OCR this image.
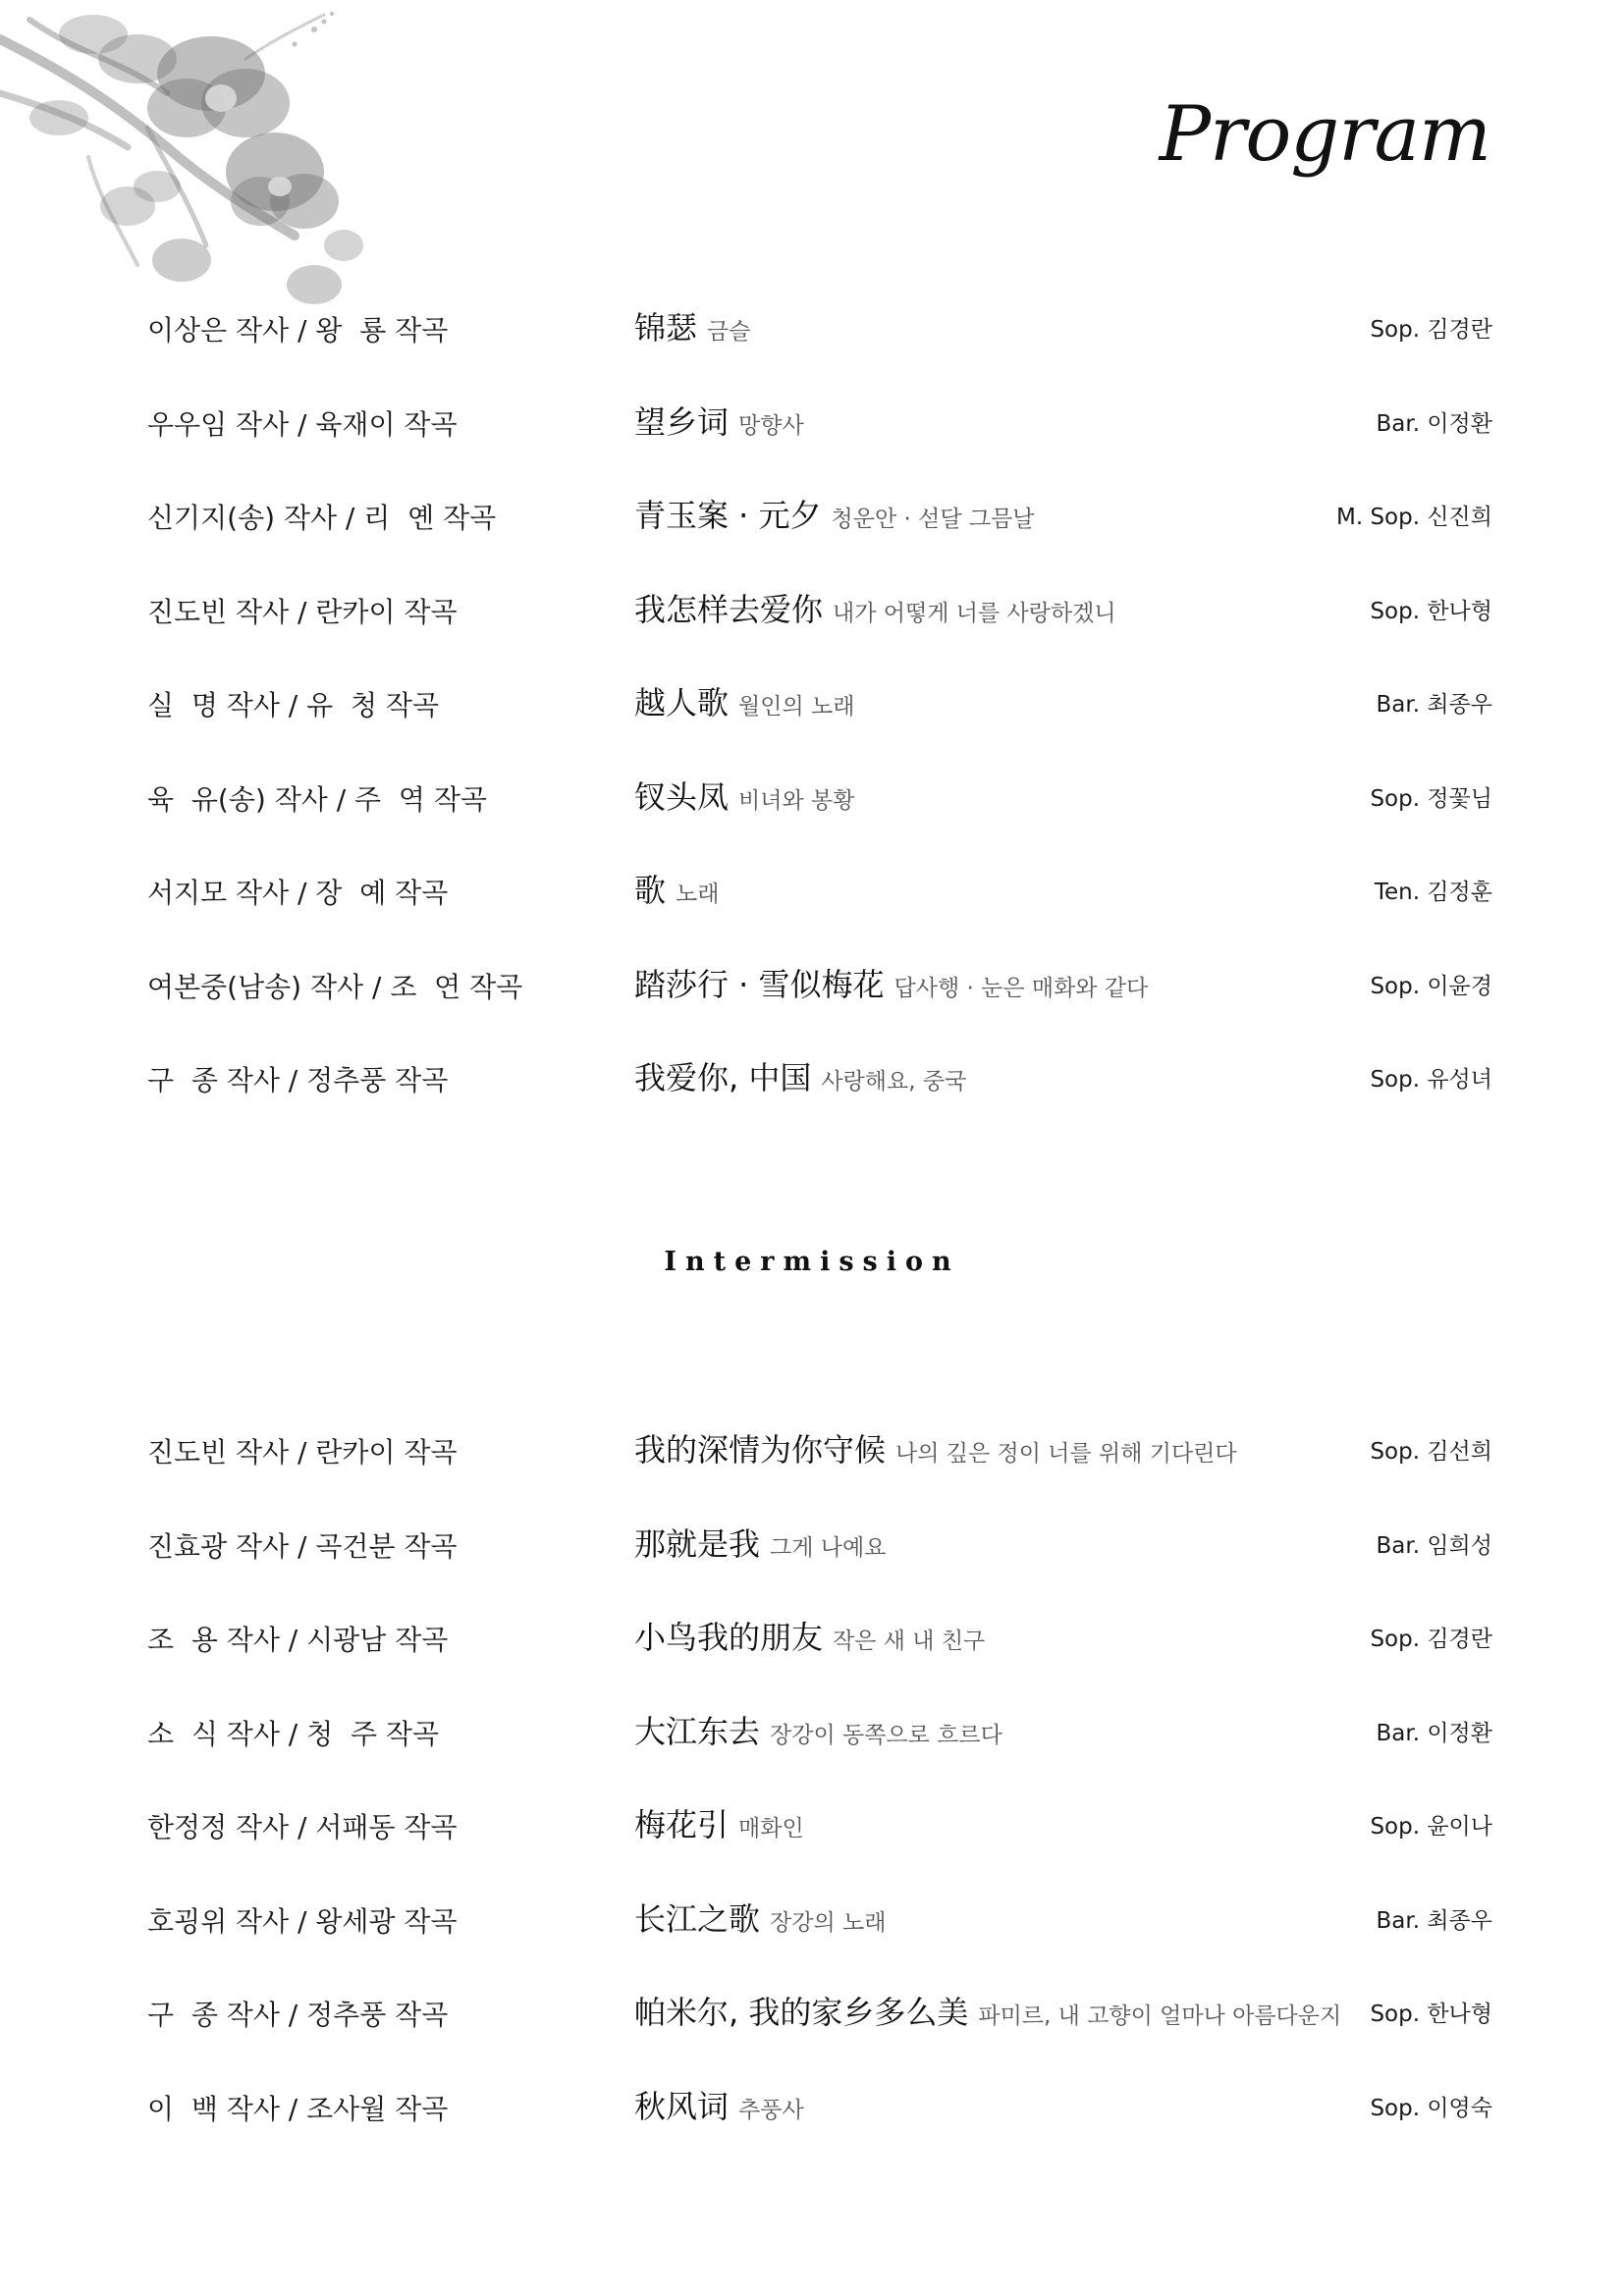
Program
이상은 작사 / 왕  룡 작곡	锦瑟 금슬	Sop. 김경란
우우임 작사 / 육재이 작곡	望乡词 망향사	Bar. 이정환
신기지(송) 작사 / 리  옌 작곡	青玉案 · 元夕 청운안 · 섣달 그믐날	M. Sop. 신진희
진도빈 작사 / 란카이 작곡	我怎样去爱你 내가 어떻게 너를 사랑하겠니	Sop. 한나형
실  명 작사 / 유  청 작곡	越人歌 월인의 노래	Bar. 최종우
육  유(송) 작사 / 주  역 작곡	钗头凤 비녀와 봉황	Sop. 정꽃님
서지모 작사 / 장  예 작곡	歌 노래	Ten. 김정훈
여본중(남송) 작사 / 조  연 작곡	踏莎行 · 雪似梅花 답사행 · 눈은 매화와 같다	Sop. 이윤경
구  종 작사 / 정추풍 작곡	我爱你, 中国 사랑해요, 중국	Sop. 유성녀
Intermission
진도빈 작사 / 란카이 작곡	我的深情为你守候 나의 깊은 정이 너를 위해 기다린다	Sop. 김선희
진효광 작사 / 곡건분 작곡	那就是我 그게 나예요	Bar. 임희성
조  용 작사 / 시광남 작곡	小鸟我的朋友 작은 새 내 친구	Sop. 김경란
소  식 작사 / 청  주 작곡	大江东去 장강이 동쪽으로 흐르다	Bar. 이정환
한정정 작사 / 서패동 작곡	梅花引 매화인	Sop. 윤이나
호굉위 작사 / 왕세광 작곡	长江之歌 장강의 노래	Bar. 최종우
구  종 작사 / 정추풍 작곡	帕米尔, 我的家乡多么美 파미르, 내 고향이 얼마나 아름다운지 Sop. 한나형
이  백 작사 / 조사월 작곡	秋风词 추풍사	Sop. 이영숙
